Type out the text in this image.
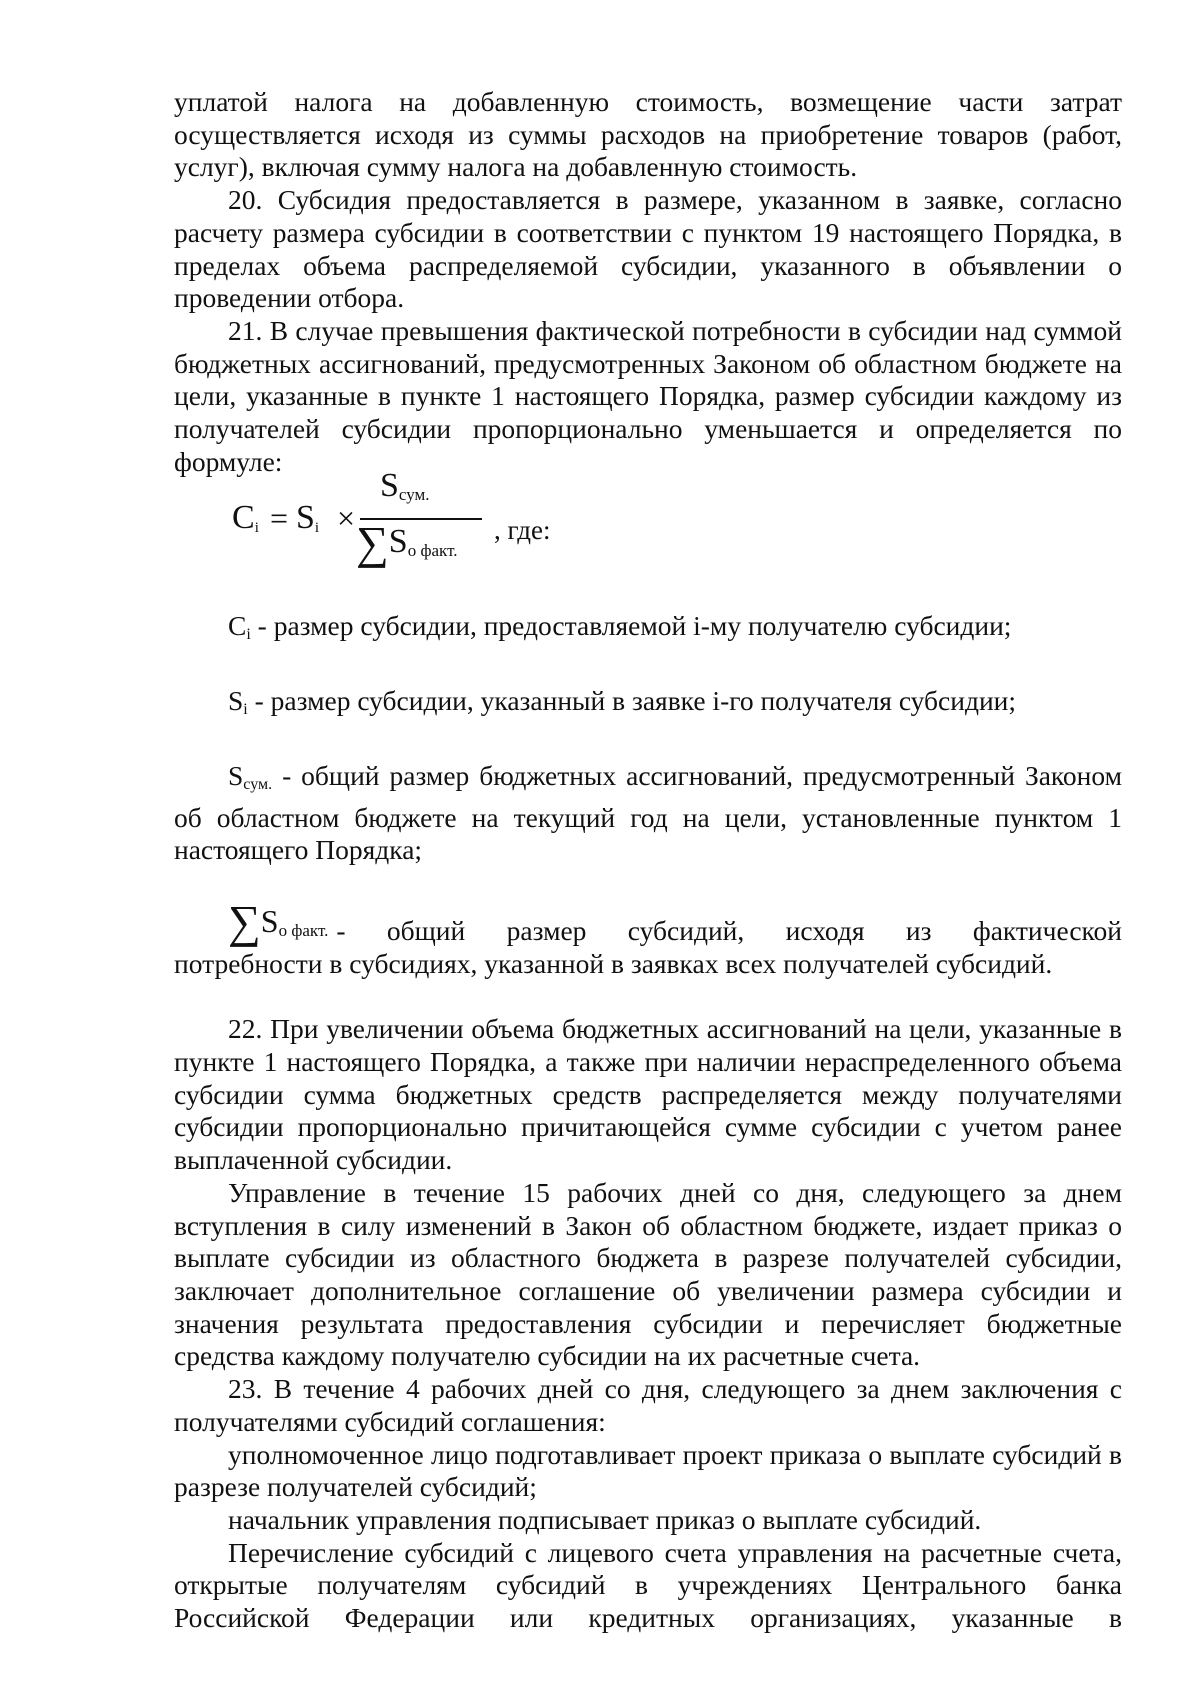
уплатой налога на добавленную стоимость, возмещение части затрат осуществляется исходя из суммы расходов на приобретение товаров (работ, услуг), включая сумму налога на добавленную стоимость.

20. Субсидия предоставляется в размере, указанном в заявке, согласно расчету размера субсидии в соответствии с пунктом 19 настоящего Порядка, в пределах объема распределяемой субсидии, указанного в объявлении о проведении отбора.

21. В случае превышения фактической потребности в субсидии над суммой бюджетных ассигнований, предусмотренных Законом об областном бюджете на цели, указанные в пункте 1 настоящего Порядка, размер субсидии каждому из получателей субсидии пропорционально уменьшается и определяется по формуле:

$C_i = S_i$ ×
$S_{сум.}$
$\sum S_{о факт.}$
, где:

$C_i$ - размер субсидии, предоставляемой i-му получателю субсидии;

$S_i$ - размер субсидии, указанный в заявке i-го получателя субсидии;

$S_{сум.}$ - общий размер бюджетных ассигнований, предусмотренный Законом об областном бюджете на текущий год на цели, установленные пунктом 1 настоящего Порядка;

$\sum S_{о факт.}$ - общий размер субсидий, исходя из фактической

потребности в субсидиях, указанной в заявках всех получателей субсидий.

22. При увеличении объема бюджетных ассигнований на цели, указанные в пункте 1 настоящего Порядка, а также при наличии нераспределенного объема субсидии сумма бюджетных средств распределяется между получателями субсидии пропорционально причитающейся сумме субсидии с учетом ранее выплаченной субсидии.

Управление в течение 15 рабочих дней со дня, следующего за днем вступления в силу изменений в Закон об областном бюджете, издает приказ о выплате субсидии из областного бюджета в разрезе получателей субсидии, заключает дополнительное соглашение об увеличении размера субсидии и значения результата предоставления субсидии и перечисляет бюджетные средства каждому получателю субсидии на их расчетные счета.

23. В течение 4 рабочих дней со дня, следующего за днем заключения с получателями субсидий соглашения:

уполномоченное лицо подготавливает проект приказа о выплате субсидий в разрезе получателей субсидий;

начальник управления подписывает приказ о выплате субсидий.

Перечисление субсидий с лицевого счета управления на расчетные счета, открытые получателям субсидий в учреждениях Центрального банка Российской Федерации или кредитных организациях, указанные в
